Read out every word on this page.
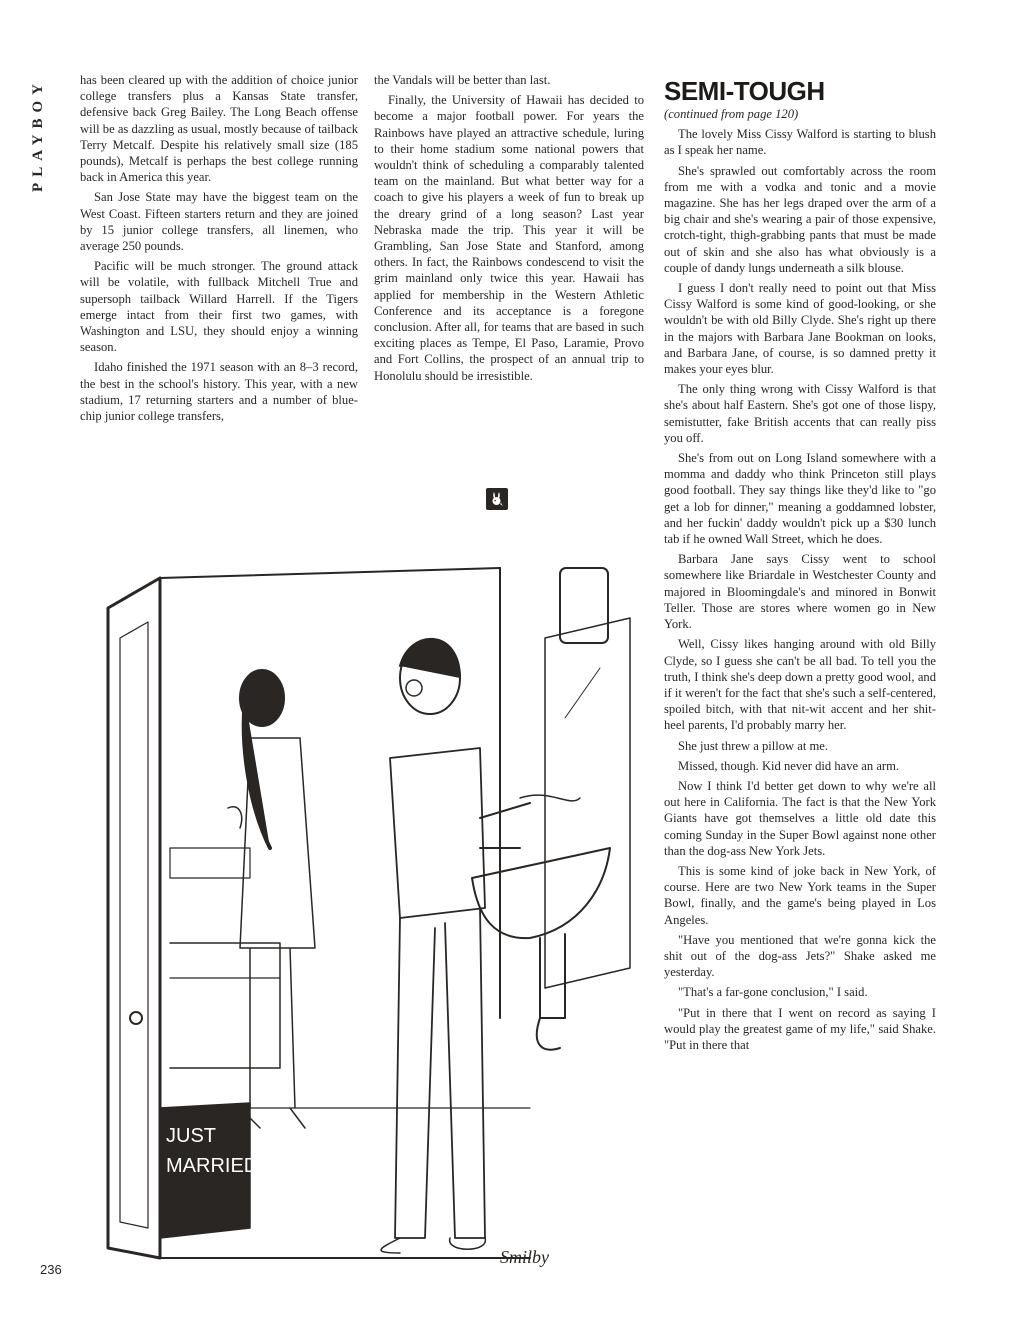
PLAYBOY	has been cleared up with the addition of choice junior college transfers plus a Kansas State transfer, defensive back Greg Bailey. The Long Beach offense will be as dazzling as usual, mostly because of tailback Terry Metcalf. Despite his relatively small size (185 pounds), Metcalf is perhaps the best college running back in America this year.

San Jose State may have the biggest team on the West Coast. Fifteen starters return and they are joined by 15 junior college transfers, all linemen, who average 250 pounds.

Pacific will be much stronger. The ground attack will be volatile, with fullback Mitchell True and supersoph tailback Willard Harrell. If the Tigers emerge intact from their first two games, with Washington and LSU, they should enjoy a winning season.

Idaho finished the 1971 season with an 8–3 record, the best in the school's history. This year, with a new stadium, 17 returning starters and a number of blue-chip junior college transfers,

the Vandals will be better than last.

Finally, the University of Hawaii has decided to become a major football power. For years the Rainbows have played an attractive schedule, luring to their home stadium some national powers that wouldn't think of scheduling a comparably talented team on the mainland. But what better way for a coach to give his players a week of fun to break up the dreary grind of a long season? Last year Nebraska made the trip. This year it will be Grambling, San Jose State and Stanford, among others. In fact, the Rainbows condescend to visit the grim mainland only twice this year. Hawaii has applied for membership in the Western Athletic Conference and its acceptance is a foregone conclusion. After all, for teams that are based in such exciting places as Tempe, El Paso, Laramie, Provo and Fort Collins, the prospect of an annual trip to Honolulu should be irresistible.

SEMI-TOUGH

(continued from page 120)

The lovely Miss Cissy Walford is starting to blush as I speak her name.

She's sprawled out comfortably across the room from me with a vodka and tonic and a movie magazine. She has her legs draped over the arm of a big chair and she's wearing a pair of those expensive, crotch-tight, thigh-grabbing pants that must be made out of skin and she also has what obviously is a couple of dandy lungs underneath a silk blouse.

I guess I don't really need to point out that Miss Cissy Walford is some kind of good-looking, or she wouldn't be with old Billy Clyde. She's right up there in the majors with Barbara Jane Bookman on looks, and Barbara Jane, of course, is so damned pretty it makes your eyes blur.

The only thing wrong with Cissy Walford is that she's about half Eastern. She's got one of those lispy, semistutter, fake British accents that can really piss you off.

She's from out on Long Island somewhere with a momma and daddy who think Princeton still plays good football. They say things like they'd like to "go get a lob for dinner," meaning a goddamned lobster, and her fuckin' daddy wouldn't pick up a $30 lunch tab if he owned Wall Street, which he does.

Barbara Jane says Cissy went to school somewhere like Briardale in Westchester County and majored in Bloomingdale's and minored in Bonwit Teller. Those are stores where women go in New York.

Well, Cissy likes hanging around with old Billy Clyde, so I guess she can't be all bad. To tell you the truth, I think she's deep down a pretty good wool, and if it weren't for the fact that she's such a self-centered, spoiled bitch, with that nit-wit accent and her shit-heel parents, I'd probably marry her.

She just threw a pillow at me.

Missed, though. Kid never did have an arm.

Now I think I'd better get down to why we're all out here in California. The fact is that the New York Giants have got themselves a little old date this coming Sunday in the Super Bowl against none other than the dog-ass New York Jets.

This is some kind of joke back in New York, of course. Here are two New York teams in the Super Bowl, finally, and the game's being played in Los Angeles.

"Have you mentioned that we're gonna kick the shit out of the dog-ass Jets?" Shake asked me yesterday.

"That's a far-gone conclusion," I said.

"Put in there that I went on record as saying I would play the greatest game of my life," said Shake. "Put in there that

JUST
MARRIED
Smilby
236
